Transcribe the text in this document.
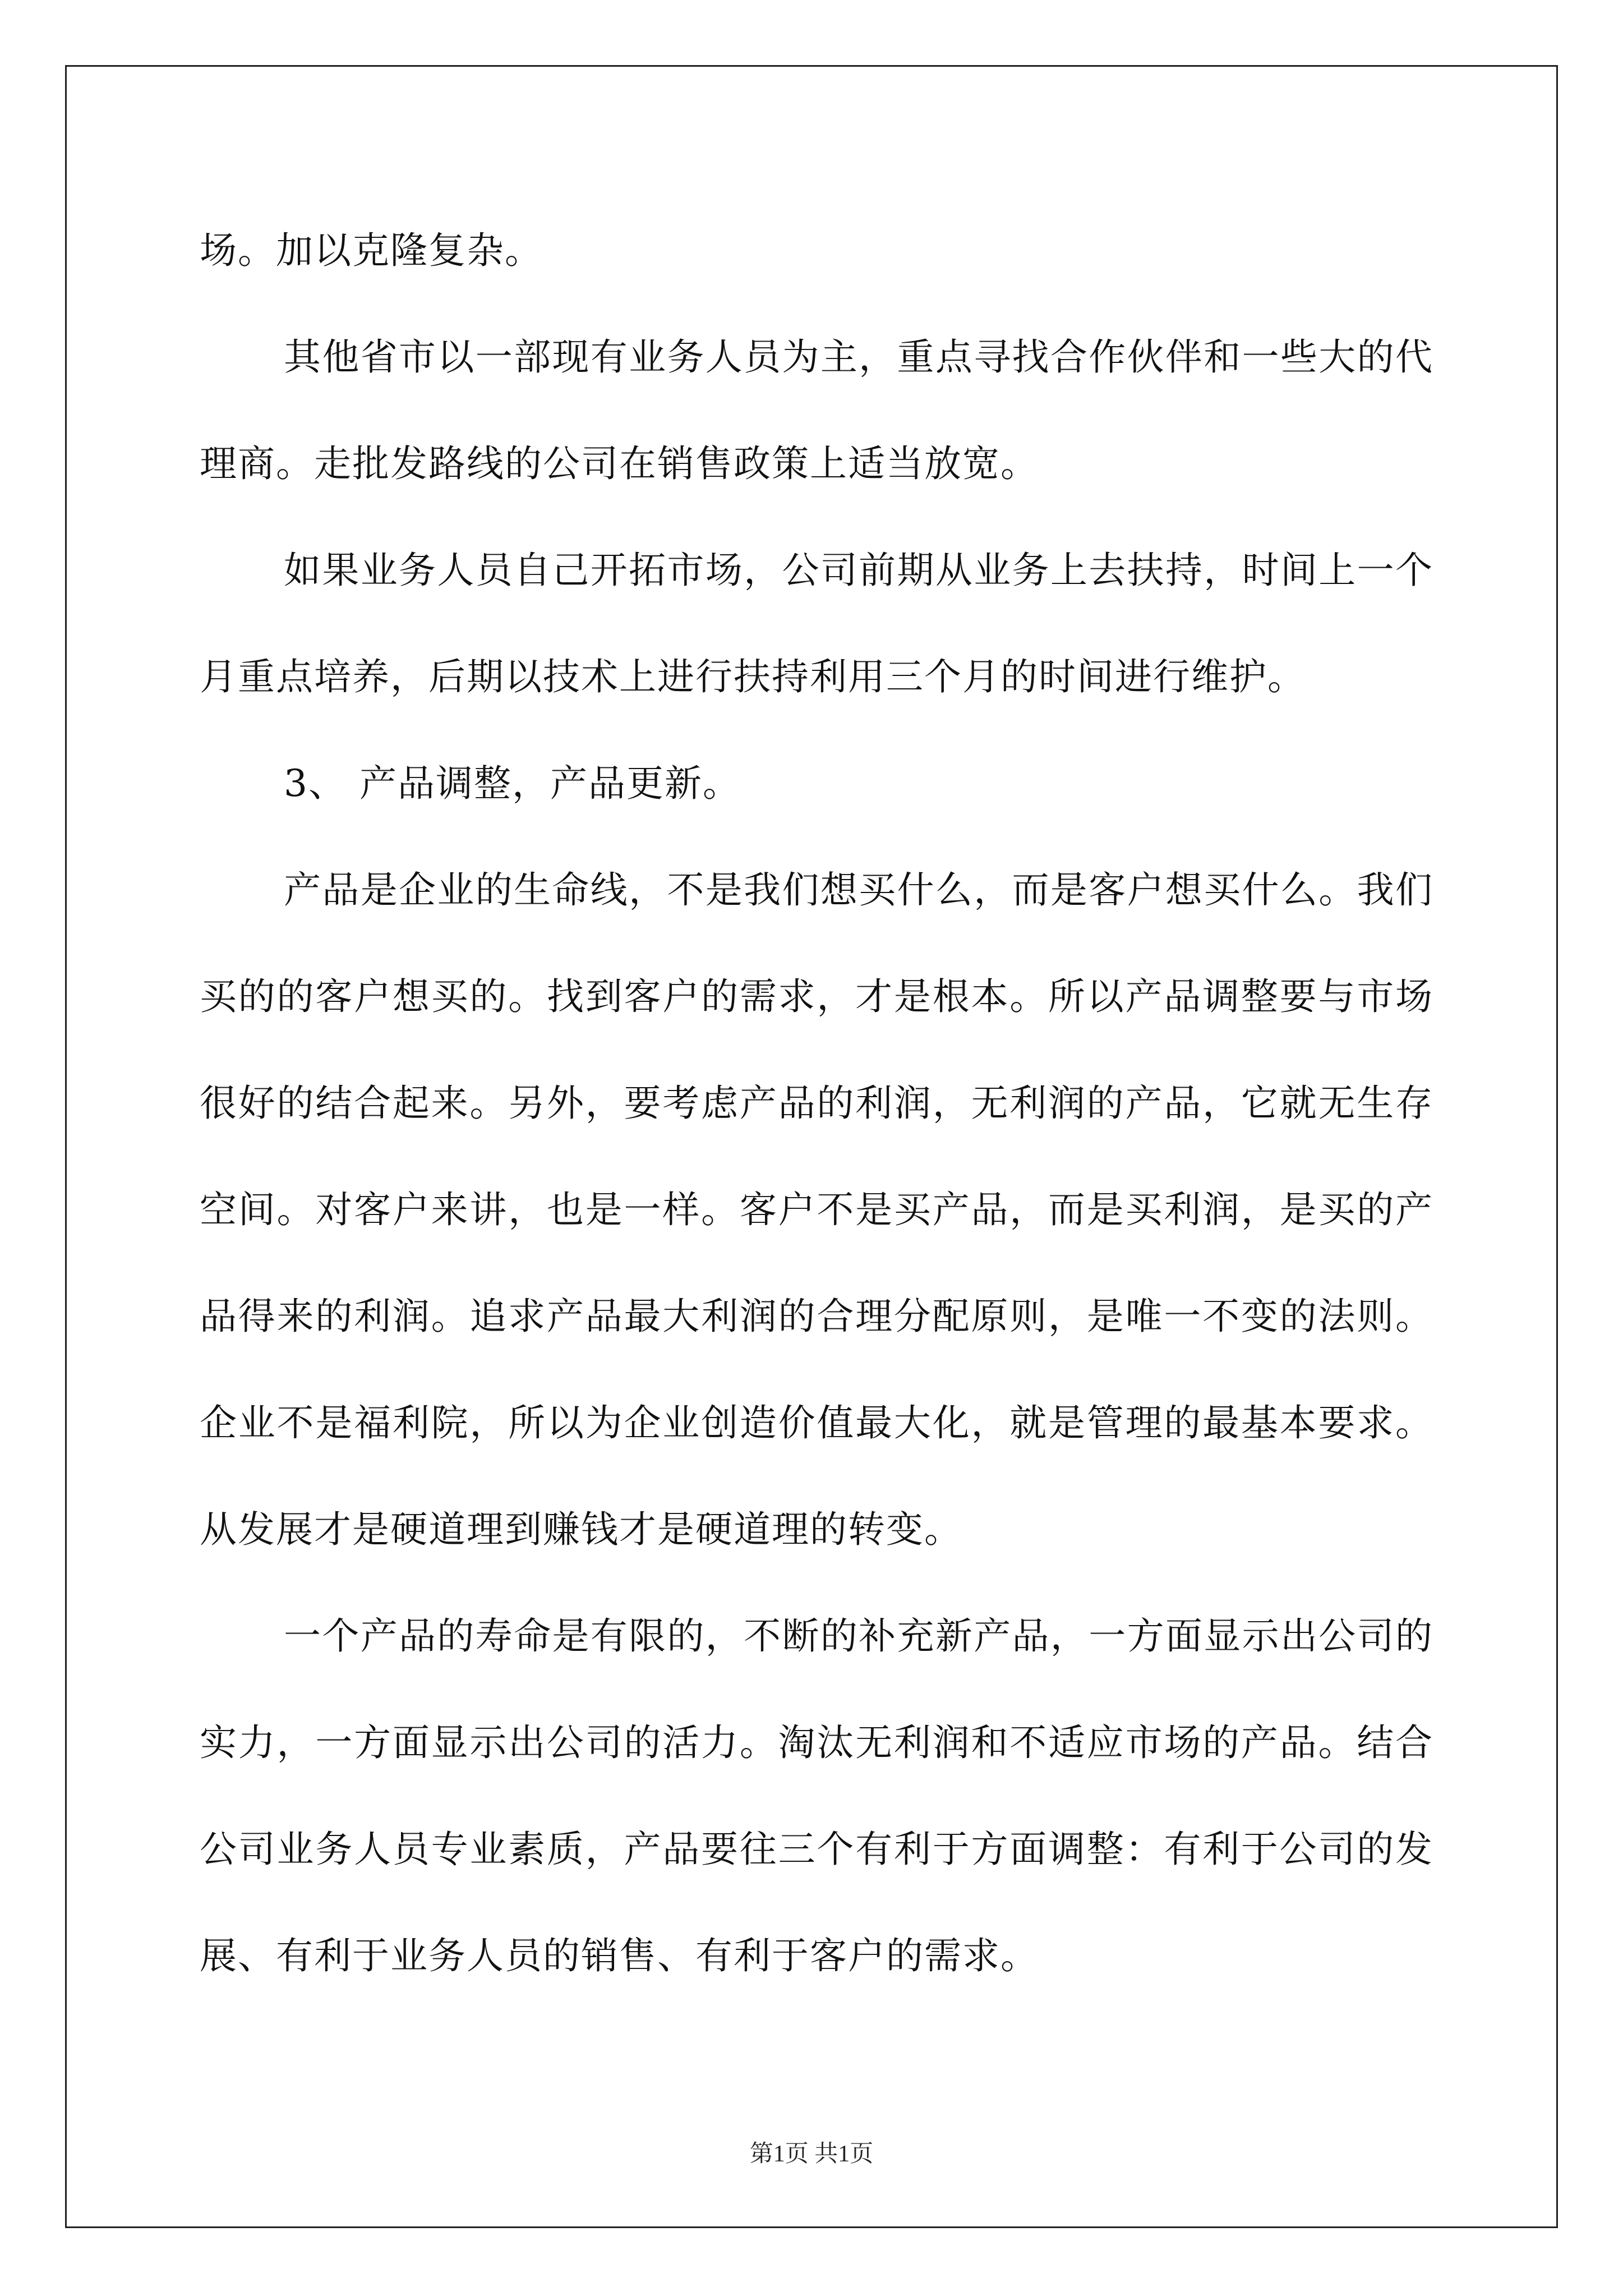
场。加以克隆复杂。

其他省市以一部现有业务人员为主，重点寻找合作伙伴和一些大的代理商。走批发路线的公司在销售政策上适当放宽。

如果业务人员自己开拓市场，公司前期从业务上去扶持，时间上一个月重点培养，后期以技术上进行扶持利用三个月的时间进行维护。

3、 产品调整，产品更新。

产品是企业的生命线，不是我们想买什么，而是客户想买什么。我们买的的客户想买的。找到客户的需求，才是根本。所以产品调整要与市场很好的结合起来。另外，要考虑产品的利润，无利润的产品，它就无生存空间。对客户来讲，也是一样。客户不是买产品，而是买利润，是买的产品得来的利润。追求产品最大利润的合理分配原则，是唯一不变的法则。 企业不是福利院，所以为企业创造价值最大化，就是管理的最基本要求。从发展才是硬道理到赚钱才是硬道理的转变。

一个产品的寿命是有限的，不断的补充新产品，一方面显示出公司的实力，一方面显示出公司的活力。淘汰无利润和不适应市场的产品。结合公司业务人员专业素质，产品要往三个有利于方面调整：有利于公司的发展、有利于业务人员的销售、有利于客户的需求。

第1页 共1页
